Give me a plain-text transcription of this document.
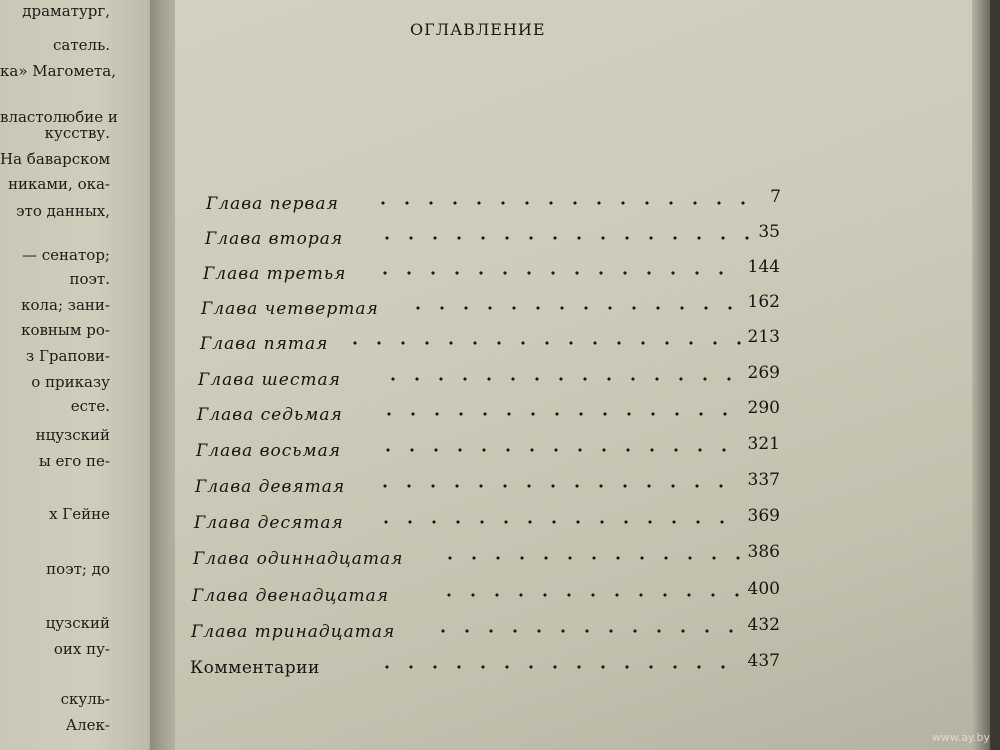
драматург,
сатель.
ка» Магомета,
властолюбие и
кусству.
На баварском
никами, ока-
это данных,
— сенатор;
поэт.
кола; зани-
ковным ро-
з Грапови-
о приказу
есте.
нцузский
ы его пе-
х Гейне
поэт; до
цузский
оих пу-
скуль-
Алек-
ОГЛАВЛЕНИЕ
Глава первая	7
Глава вторая	35
Глава третья	144
Глава четвертая	162
Глава пятая	213
Глава шестая	269
Глава седьмая	290
Глава восьмая	321
Глава девятая	337
Глава десятая	369
Глава одиннадцатая	386
Глава двенадцатая	400
Глава тринадцатая	432
Комментарии	437
www.ay.by
